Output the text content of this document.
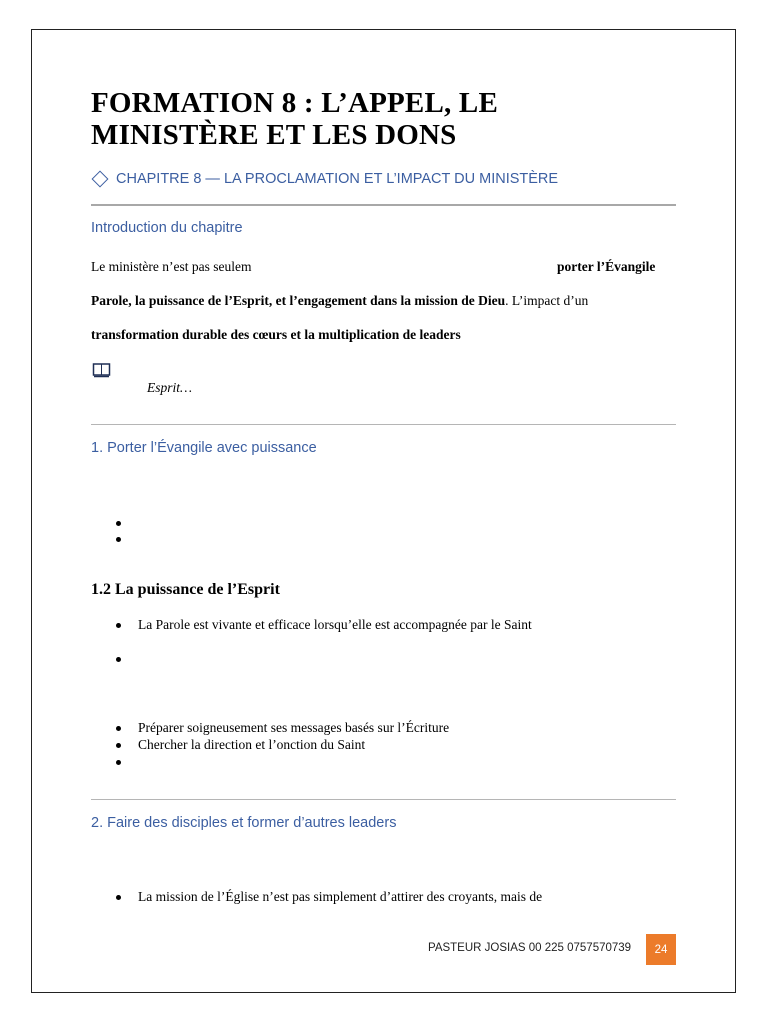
FORMATION 8 : L’APPEL, LE
MINISTÈRE ET LES DONS
CHAPITRE 8 — LA PROCLAMATION ET L’IMPACT DU MINISTÈRE
Introduction du chapitre
Le ministère n’est pas seulem	porter l’Évangile
Parole, la puissance de l’Esprit, et l’engagement dans la mission de Dieu. L’impact d’un
transformation durable des cœurs et la multiplication de leaders
Esprit…
1. Porter l’Évangile avec puissance
1.2 La puissance de l’Esprit
La Parole est vivante et efficace lorsqu’elle est accompagnée par le Saint
Préparer soigneusement ses messages basés sur l’Écriture
Chercher la direction et l’onction du Saint
2. Faire des disciples et former d’autres leaders
La mission de l’Église n’est pas simplement d’attirer des croyants, mais de
PASTEUR JOSIAS 00 225 0757570739 24
